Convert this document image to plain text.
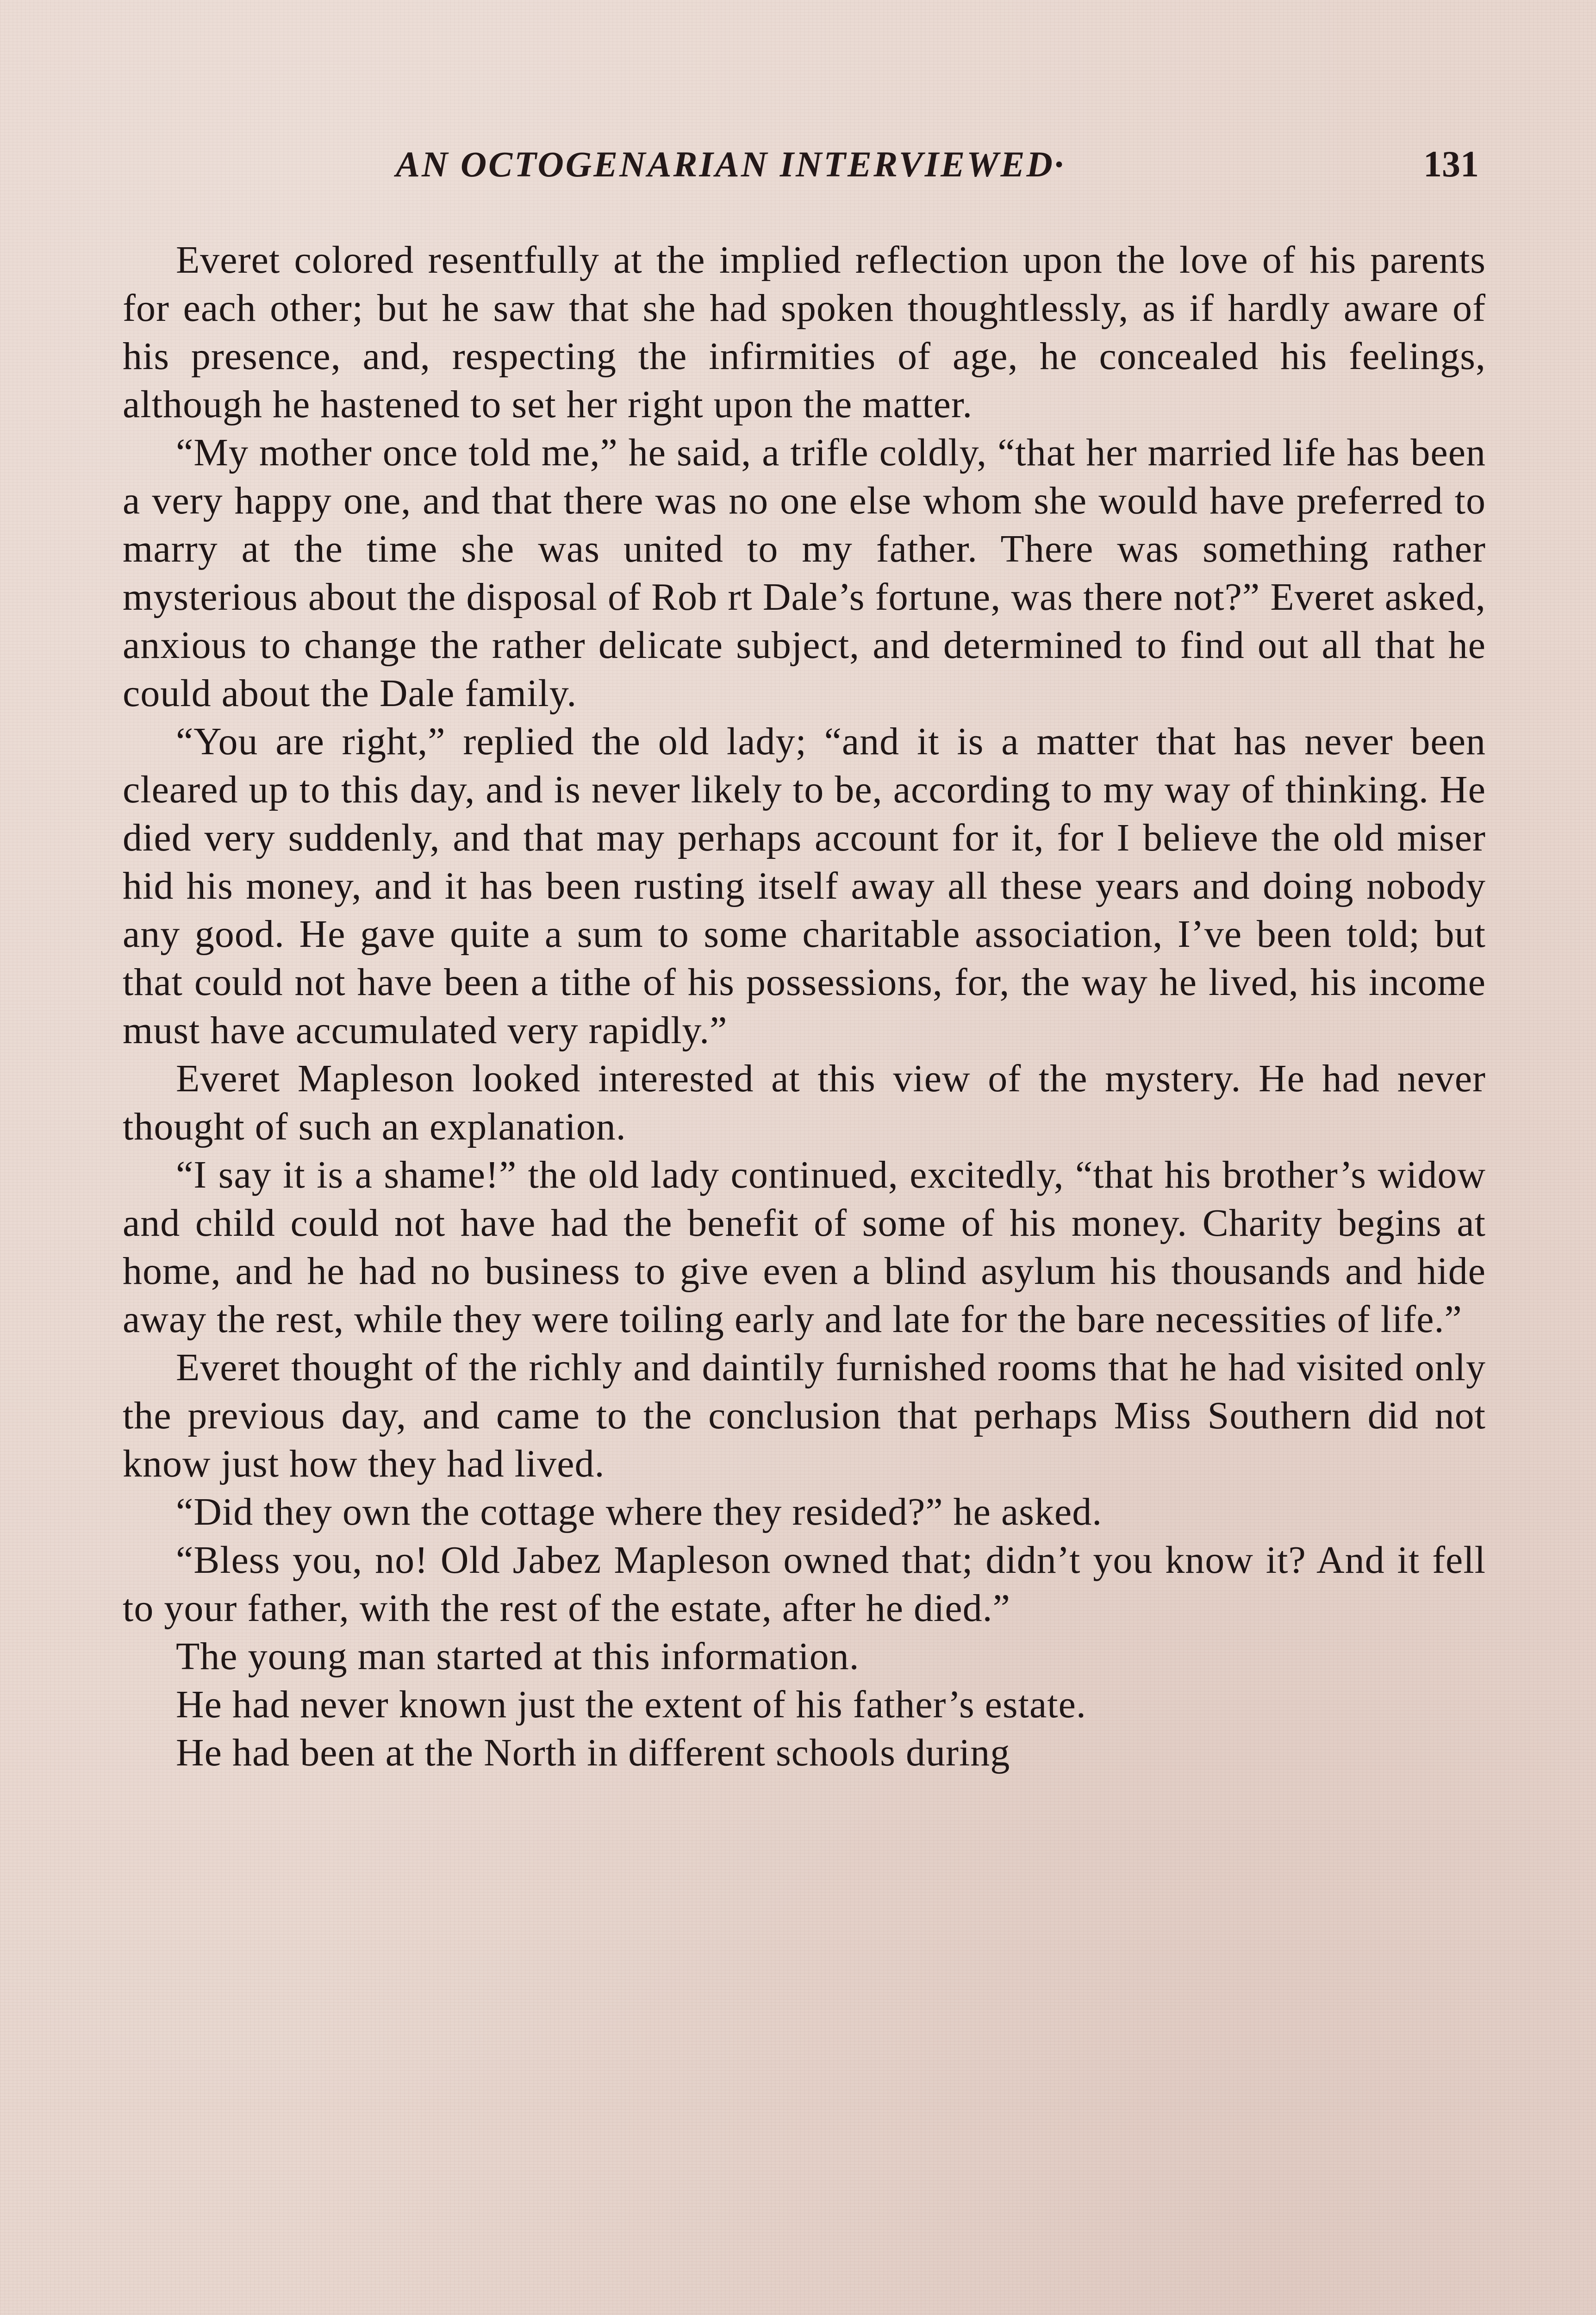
AN OCTOGENARIAN INTERVIEWED·	131

Everet colored resentfully at the implied reflection upon the love of his parents for each other; but he saw that she had spoken thoughtlessly, as if hardly aware of his presence, and, respecting the infirmities of age, he concealed his feelings, although he hastened to set her right upon the matter.

“My mother once told me,” he said, a trifle coldly, “that her married life has been a very happy one, and that there was no one else whom she would have preferred to marry at the time she was united to my father. There was something rather mysterious about the disposal of Rob rt Dale’s fortune, was there not?” Everet asked, anxious to change the rather delicate subject, and determined to find out all that he could about the Dale family.

“You are right,” replied the old lady; “and it is a matter that has never been cleared up to this day, and is never likely to be, according to my way of thinking. He died very suddenly, and that may perhaps account for it, for I believe the old miser hid his money, and it has been rusting itself away all these years and doing nobody any good. He gave quite a sum to some charitable association, I’ve been told; but that could not have been a tithe of his possessions, for, the way he lived, his income must have accumulated very rapidly.”

Everet Mapleson looked interested at this view of the mystery. He had never thought of such an explanation.

“I say it is a shame!” the old lady continued, excitedly, “that his brother’s widow and child could not have had the benefit of some of his money. Charity begins at home, and he had no business to give even a blind asylum his thousands and hide away the rest, while they were toiling early and late for the bare necessities of life.”

Everet thought of the richly and daintily furnished rooms that he had visited only the previous day, and came to the conclusion that perhaps Miss Southern did not know just how they had lived.

“Did they own the cottage where they resided?” he asked.

“Bless you, no! Old Jabez Mapleson owned that; didn’t you know it? And it fell to your father, with the rest of the estate, after he died.”

The young man started at this information.

He had never known just the extent of his father’s estate.

He had been at the North in different schools during
